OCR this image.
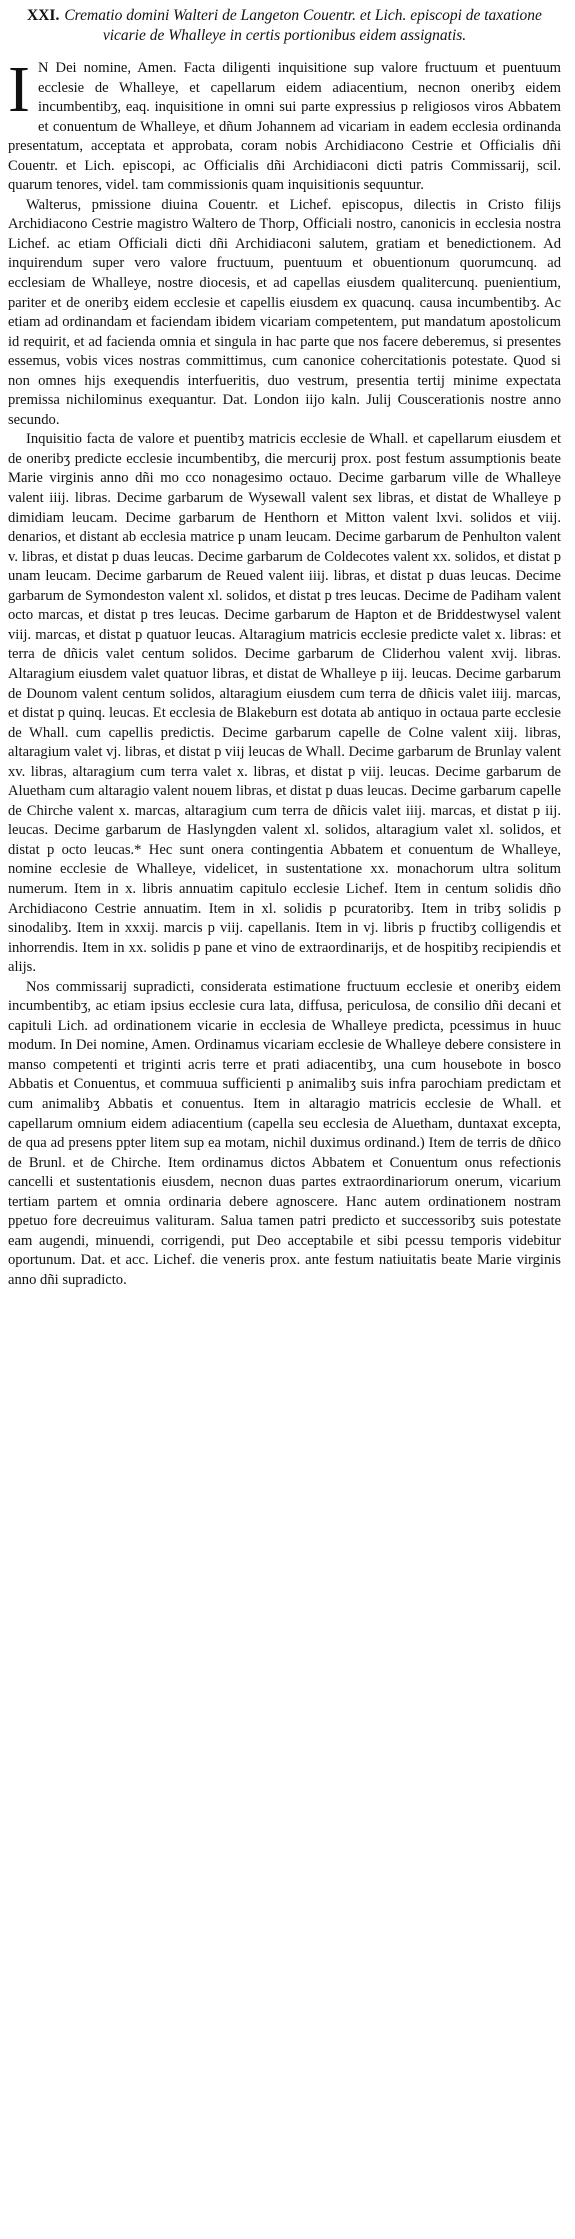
XXI. Crematio domini Walteri de Langeton Couentr. et Lich. episcopi de taxatione vicarie de Whalleye in certis portionibus eidem assignatis.

I N Dei nomine, Amen. Facta diligenti inquisitione sup valore fructuum et puentuum ecclesie de Whalleye, et capellarum eidem adiacentium, necnon oneribʒ eidem incumbentibʒ, eaq. inquisitione in omni sui parte expressius p religiosos viros Abbatem et conuentum de Whalleye, et dñum Johannem ad vicariam in eadem ecclesia ordinanda presentatum, acceptata et approbata, coram nobis Archidiacono Cestrie et Officialis dñi Couentr. et Lich. episcopi, ac Officialis dñi Archidiaconi dicti patris Commissarij, scil. quarum tenores, videl. tam commissionis quam inquisitionis sequuntur.

Walterus, pmissione diuina Couentr. et Lichef. episcopus, dilectis in Cristo filijs Archidiacono Cestrie magistro Waltero de Thorp, Officiali nostro, canonicis in ecclesia nostra Lichef. ac etiam Officiali dicti dñi Archidiaconi salutem, gratiam et benedictionem. Ad inquirendum super vero valore fructuum, puentuum et obuentionum quorumcunq. ad ecclesiam de Whalleye, nostre diocesis, et ad capellas eiusdem qualitercunq. puenientium, pariter et de oneribʒ eidem ecclesie et capellis eiusdem ex quacunq. causa incumbentibʒ. Ac etiam ad ordinandam et faciendam ibidem vicariam competentem, put mandatum apostolicum id requirit, et ad facienda omnia et singula in hac parte que nos facere deberemus, si presentes essemus, vobis vices nostras committimus, cum canonice cohercitationis potestate. Quod si non omnes hijs exequendis interfueritis, duo vestrum, presentia tertij minime expectata premissa nichilominus exequantur. Dat. London iijo kaln. Julij Couscerationis nostre anno secundo.

Inquisitio facta de valore et puentibʒ matricis ecclesie de Whall. et capellarum eiusdem et de oneribʒ predicte ecclesie incumbentibʒ, die mercurij prox. post festum assumptionis beate Marie virginis anno dñi mo cco nonagesimo octauo. Decime garbarum ville de Whalleye valent iiij. libras. Decime garbarum de Wysewall valent sex libras, et distat de Whalleye p dimidiam leucam. Decime garbarum de Henthorn et Mitton valent lxvi. solidos et viij. denarios, et distant ab ecclesia matrice p unam leucam. Decime garbarum de Penhulton valent v. libras, et distat p duas leucas. Decime garbarum de Coldecotes valent xx. solidos, et distat p unam leucam. Decime garbarum de Reued valent iiij. libras, et distat p duas leucas. Decime garbarum de Symondeston valent xl. solidos, et distat p tres leucas. Decime de Padiham valent octo marcas, et distat p tres leucas. Decime garbarum de Hapton et de Briddestwysel valent viij. marcas, et distat p quatuor leucas. Altaragium matricis ecclesie predicte valet x. libras: et terra de dñicis valet centum solidos. Decime garbarum de Cliderhou valent xvij. libras. Altaragium eiusdem valet quatuor libras, et distat de Whalleye p iij. leucas. Decime garbarum de Dounom valent centum solidos, altaragium eiusdem cum terra de dñicis valet iiij. marcas, et distat p quinq. leucas. Et ecclesia de Blakeburn est dotata ab antiquo in octaua parte ecclesie de Whall. cum capellis predictis. Decime garbarum capelle de Colne valent xiij. libras, altaragium valet vj. libras, et distat p viij leucas de Whall. Decime garbarum de Brunlay valent xv. libras, altaragium cum terra valet x. libras, et distat p viij. leucas. Decime garbarum de Aluetham cum altaragio valent nouem libras, et distat p duas leucas. Decime garbarum capelle de Chirche valent x. marcas, altaragium cum terra de dñicis valet iiij. marcas, et distat p iij. leucas. Decime garbarum de Haslyngden valent xl. solidos, altaragium valet xl. solidos, et distat p octo leucas.* Hec sunt onera contingentia Abbatem et conuentum de Whalleye, nomine ecclesie de Whalleye, videlicet, in sustentatione xx. monachorum ultra solitum numerum. Item in x. libris annuatim capitulo ecclesie Lichef. Item in centum solidis dño Archidiacono Cestrie annuatim. Item in xl. solidis p pcuratoribʒ. Item in tribʒ solidis p sinodalibʒ. Item in xxxij. marcis p viij. capellanis. Item in vj. libris p fructibʒ colligendis et inhorrendis. Item in xx. solidis p pane et vino de extraordinarijs, et de hospitibʒ recipiendis et alijs.

Nos commissarij supradicti, considerata estimatione fructuum ecclesie et oneribʒ eidem incumbentibʒ, ac etiam ipsius ecclesie cura lata, diffusa, periculosa, de consilio dñi decani et capituli Lich. ad ordinationem vicarie in ecclesia de Whalleye predicta, pcessimus in huuc modum. In Dei nomine, Amen. Ordinamus vicariam ecclesie de Whalleye debere consistere in manso competenti et triginti acris terre et prati adiacentibʒ, una cum housebote in bosco Abbatis et Conuentus, et commuua sufficienti p animalibʒ suis infra parochiam predictam et cum animalibʒ Abbatis et conuentus. Item in altaragio matricis ecclesie de Whall. et capellarum omnium eidem adiacentium (capella seu ecclesia de Aluetham, duntaxat excepta, de qua ad presens ppter litem sup ea motam, nichil duximus ordinand.) Item de terris de dñico de Brunl. et de Chirche. Item ordinamus dictos Abbatem et Conuentum onus refectionis cancelli et sustentationis eiusdem, necnon duas partes extraordinariorum onerum, vicarium tertiam partem et omnia ordinaria debere agnoscere. Hanc autem ordinationem nostram ppetuo fore decreuimus valituram. Salua tamen patri predicto et successoribʒ suis potestate eam augendi, minuendi, corrigendi, put Deo acceptabile et sibi pcessu temporis videbitur oportunum. Dat. et acc. Lichef. die veneris prox. ante festum natiuitatis beate Marie virginis anno dñi supradicto.
